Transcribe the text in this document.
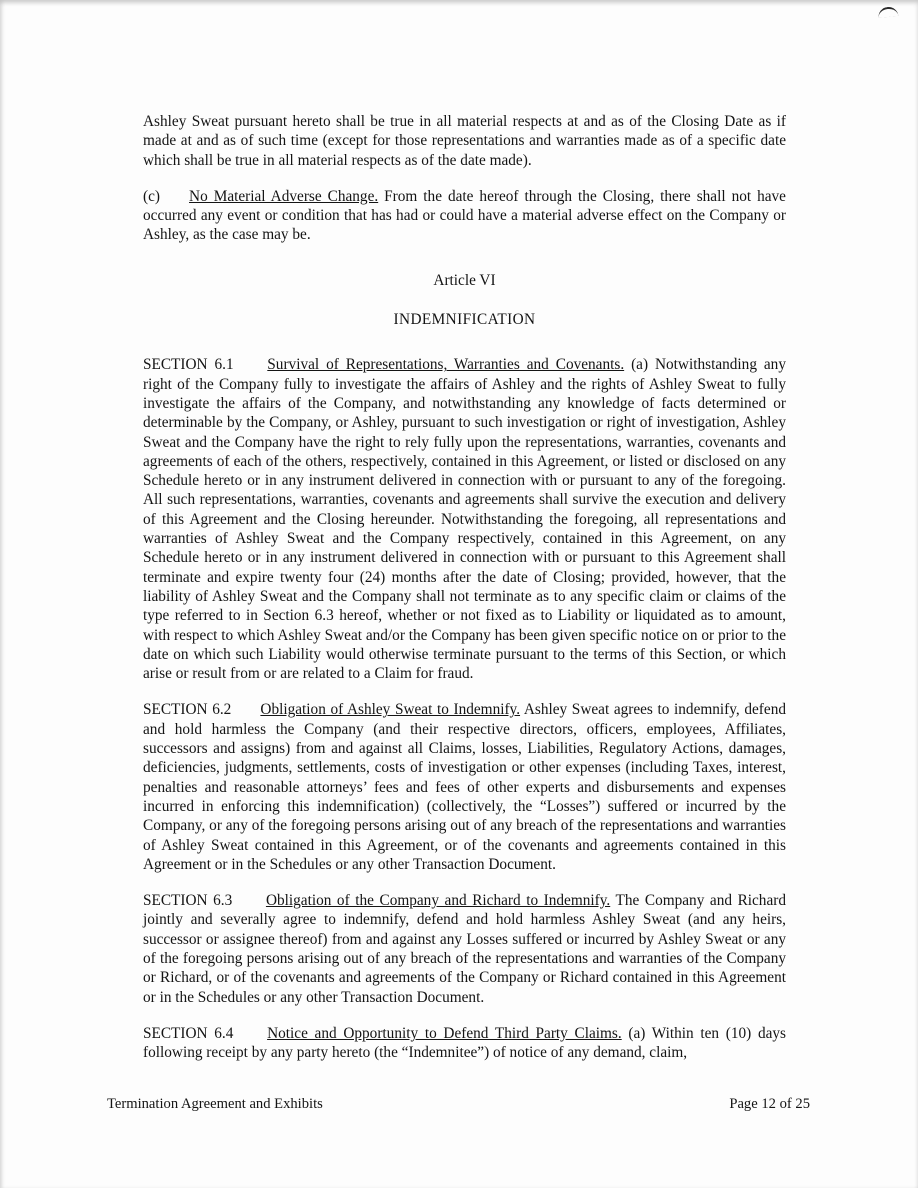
Ashley Sweat pursuant hereto shall be true in all material respects at and as of the Closing Date as if made at and as of such time (except for those representations and warranties made as of a specific date which shall be true in all material respects as of the date made).

(c) No Material Adverse Change. From the date hereof through the Closing, there shall not have occurred any event or condition that has had or could have a material adverse effect on the Company or Ashley, as the case may be.

Article VI
INDEMNIFICATION

SECTION 6.1 Survival of Representations, Warranties and Covenants. (a) Notwithstanding any right of the Company fully to investigate the affairs of Ashley and the rights of Ashley Sweat to fully investigate the affairs of the Company, and notwithstanding any knowledge of facts determined or determinable by the Company, or Ashley, pursuant to such investigation or right of investigation, Ashley Sweat and the Company have the right to rely fully upon the representations, warranties, covenants and agreements of each of the others, respectively, contained in this Agreement, or listed or disclosed on any Schedule hereto or in any instrument delivered in connection with or pursuant to any of the foregoing. All such representations, warranties, covenants and agreements shall survive the execution and delivery of this Agreement and the Closing hereunder. Notwithstanding the foregoing, all representations and warranties of Ashley Sweat and the Company respectively, contained in this Agreement, on any Schedule hereto or in any instrument delivered in connection with or pursuant to this Agreement shall terminate and expire twenty four (24) months after the date of Closing; provided, however, that the liability of Ashley Sweat and the Company shall not terminate as to any specific claim or claims of the type referred to in Section 6.3 hereof, whether or not fixed as to Liability or liquidated as to amount, with respect to which Ashley Sweat and/or the Company has been given specific notice on or prior to the date on which such Liability would otherwise terminate pursuant to the terms of this Section, or which arise or result from or are related to a Claim for fraud.

SECTION 6.2 Obligation of Ashley Sweat to Indemnify. Ashley Sweat agrees to indemnify, defend and hold harmless the Company (and their respective directors, officers, employees, Affiliates, successors and assigns) from and against all Claims, losses, Liabilities, Regulatory Actions, damages, deficiencies, judgments, settlements, costs of investigation or other expenses (including Taxes, interest, penalties and reasonable attorneys’ fees and fees of other experts and disbursements and expenses incurred in enforcing this indemnification) (collectively, the “Losses”) suffered or incurred by the Company, or any of the foregoing persons arising out of any breach of the representations and warranties of Ashley Sweat contained in this Agreement, or of the covenants and agreements contained in this Agreement or in the Schedules or any other Transaction Document.

SECTION 6.3 Obligation of the Company and Richard to Indemnify. The Company and Richard jointly and severally agree to indemnify, defend and hold harmless Ashley Sweat (and any heirs, successor or assignee thereof) from and against any Losses suffered or incurred by Ashley Sweat or any of the foregoing persons arising out of any breach of the representations and warranties of the Company or Richard, or of the covenants and agreements of the Company or Richard contained in this Agreement or in the Schedules or any other Transaction Document.

SECTION 6.4 Notice and Opportunity to Defend Third Party Claims. (a) Within ten (10) days following receipt by any party hereto (the “Indemnitee”) of notice of any demand, claim,

Termination Agreement and Exhibits	Page 12 of 25
